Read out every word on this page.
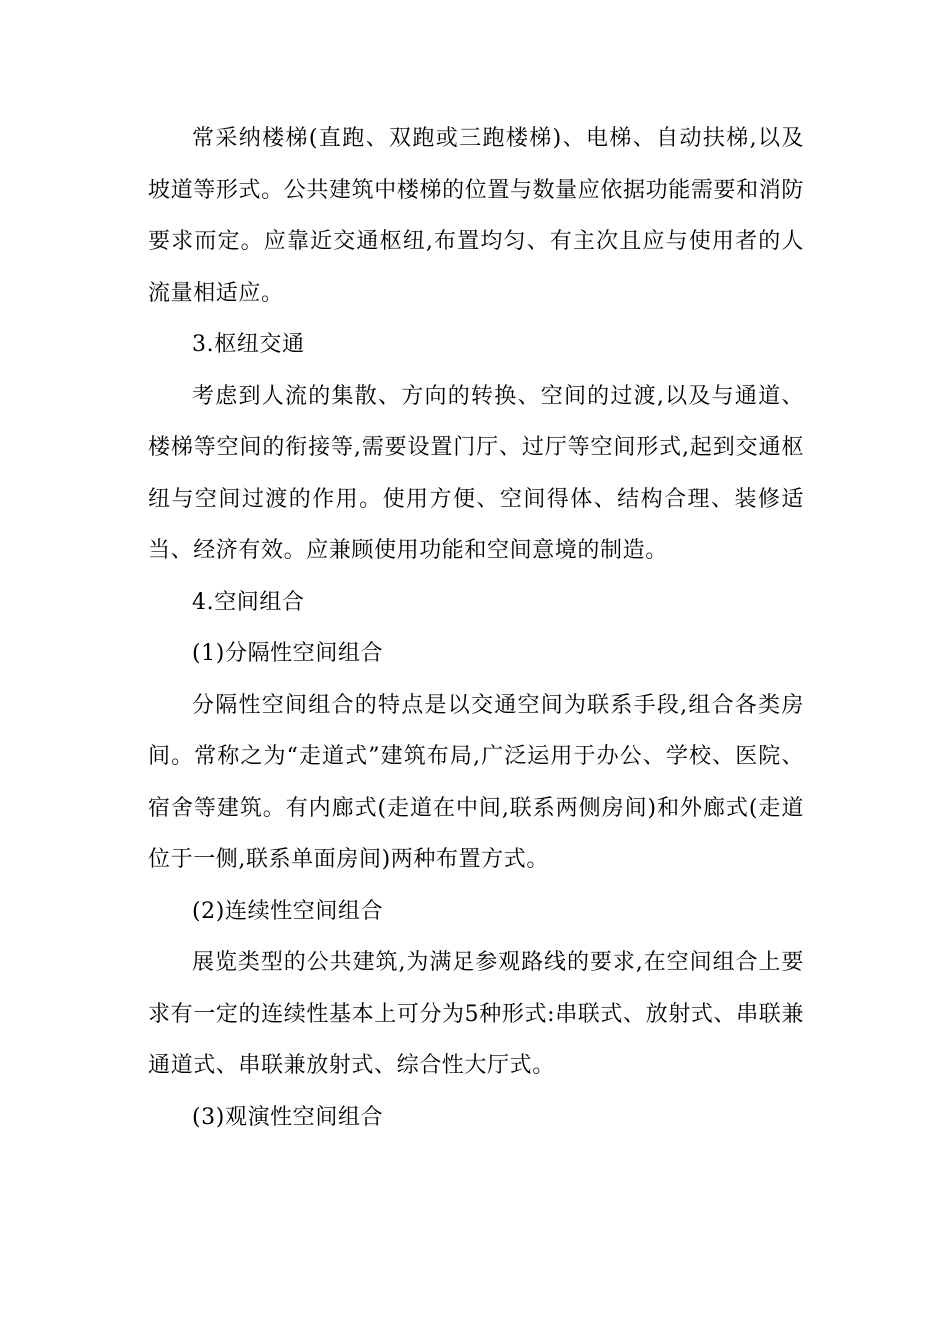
常采纳楼梯(直跑、双跑或三跑楼梯)、电梯、自动扶梯,以及坡道等形式。公共建筑中楼梯的位置与数量应依据功能需要和消防要求而定。应靠近交通枢纽,布置均匀、有主次且应与使用者的人流量相适应。

3.枢纽交通

考虑到人流的集散、方向的转换、空间的过渡,以及与通道、楼梯等空间的衔接等,需要设置门厅、过厅等空间形式,起到交通枢纽与空间过渡的作用。使用方便、空间得体、结构合理、装修适当、经济有效。应兼顾使用功能和空间意境的制造。

4.空间组合

(1)分隔性空间组合

分隔性空间组合的特点是以交通空间为联系手段,组合各类房间。常称之为“走道式”建筑布局,广泛运用于办公、学校、医院、宿舍等建筑。有内廊式(走道在中间,联系两侧房间)和外廊式(走道位于一侧,联系单面房间)两种布置方式。

(2)连续性空间组合

展览类型的公共建筑,为满足参观路线的要求,在空间组合上要求有一定的连续性基本上可分为5种形式:串联式、放射式、串联兼通道式、串联兼放射式、综合性大厅式。

(3)观演性空间组合
